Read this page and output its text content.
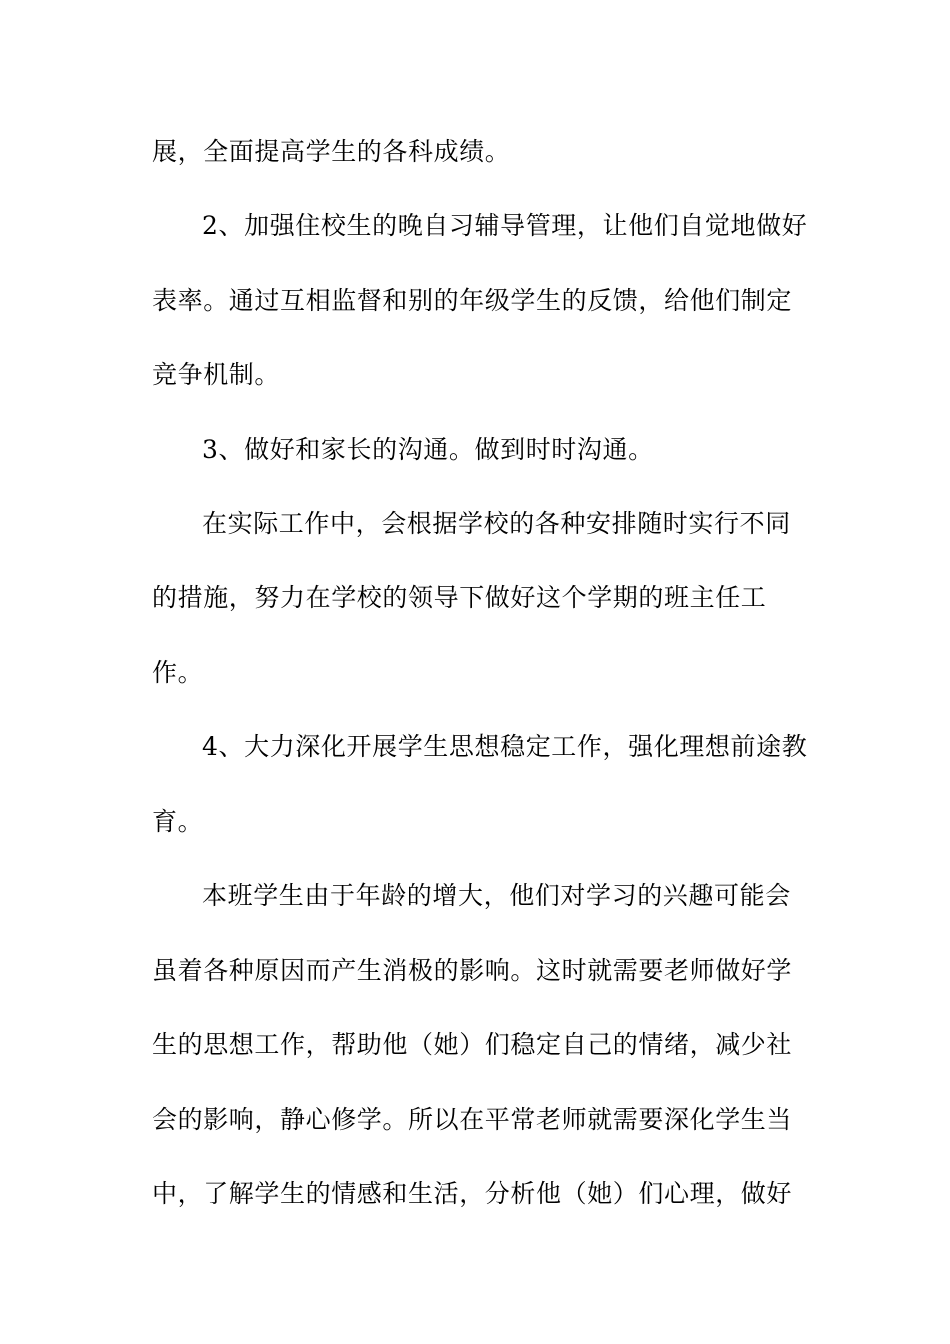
展，全面提高学生的各科成绩。
2、加强住校生的晚自习辅导管理，让他们自觉地做好
表率。通过互相监督和别的年级学生的反馈，给他们制定
竞争机制。
3、做好和家长的沟通。做到时时沟通。
在实际工作中，会根据学校的各种安排随时实行不同
的措施，努力在学校的领导下做好这个学期的班主任工
作。
4、大力深化开展学生思想稳定工作，强化理想前途教
育。
本班学生由于年龄的增大，他们对学习的兴趣可能会
虽着各种原因而产生消极的影响。这时就需要老师做好学
生的思想工作，帮助他（她）们稳定自己的情绪，减少社
会的影响，静心修学。所以在平常老师就需要深化学生当
中，了解学生的情感和生活，分析他（她）们心理，做好
